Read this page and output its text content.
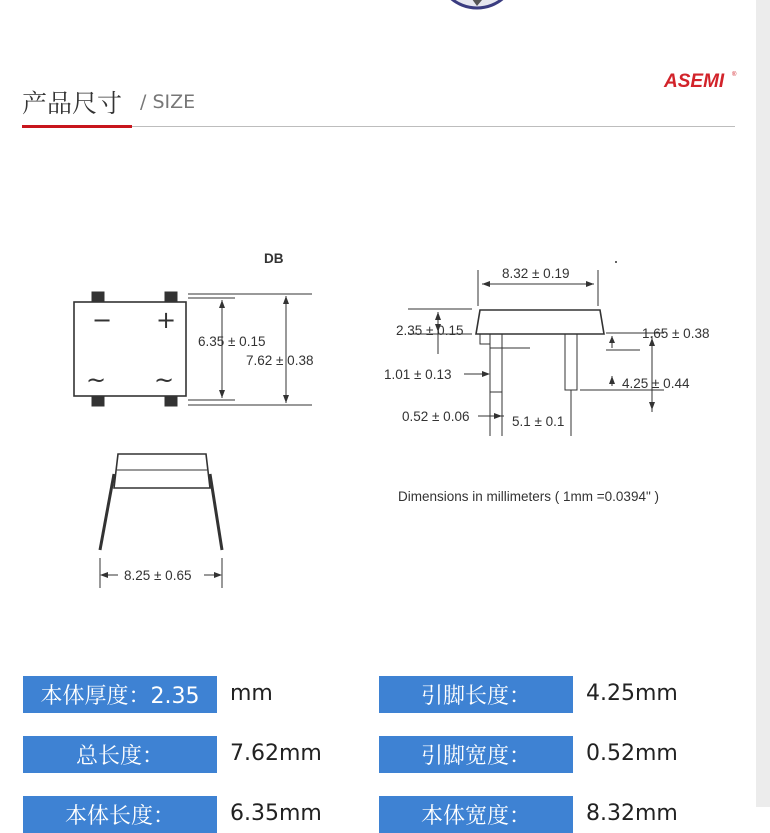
产品尺寸 / SIZE
ASEMI ®
DB
− +
~ ~
6.35 ± 0.15
7.62 ± 0.38
8.25 ± 0.65
8.32 ± 0.19
2.35 ± 0.15	1.65 ± 0.38
1.01 ± 0.13
4.25 ± 0.44
0.52 ± 0.06	5.1 ± 0.1
Dimensions in millimeters ( 1mm =0.0394" )
本体厚度：2.35	mm	引脚长度：	4.25mm
总长度：	7.62mm	引脚宽度：	0.52mm
本体长度：	6.35mm	本体宽度：	8.32mm
